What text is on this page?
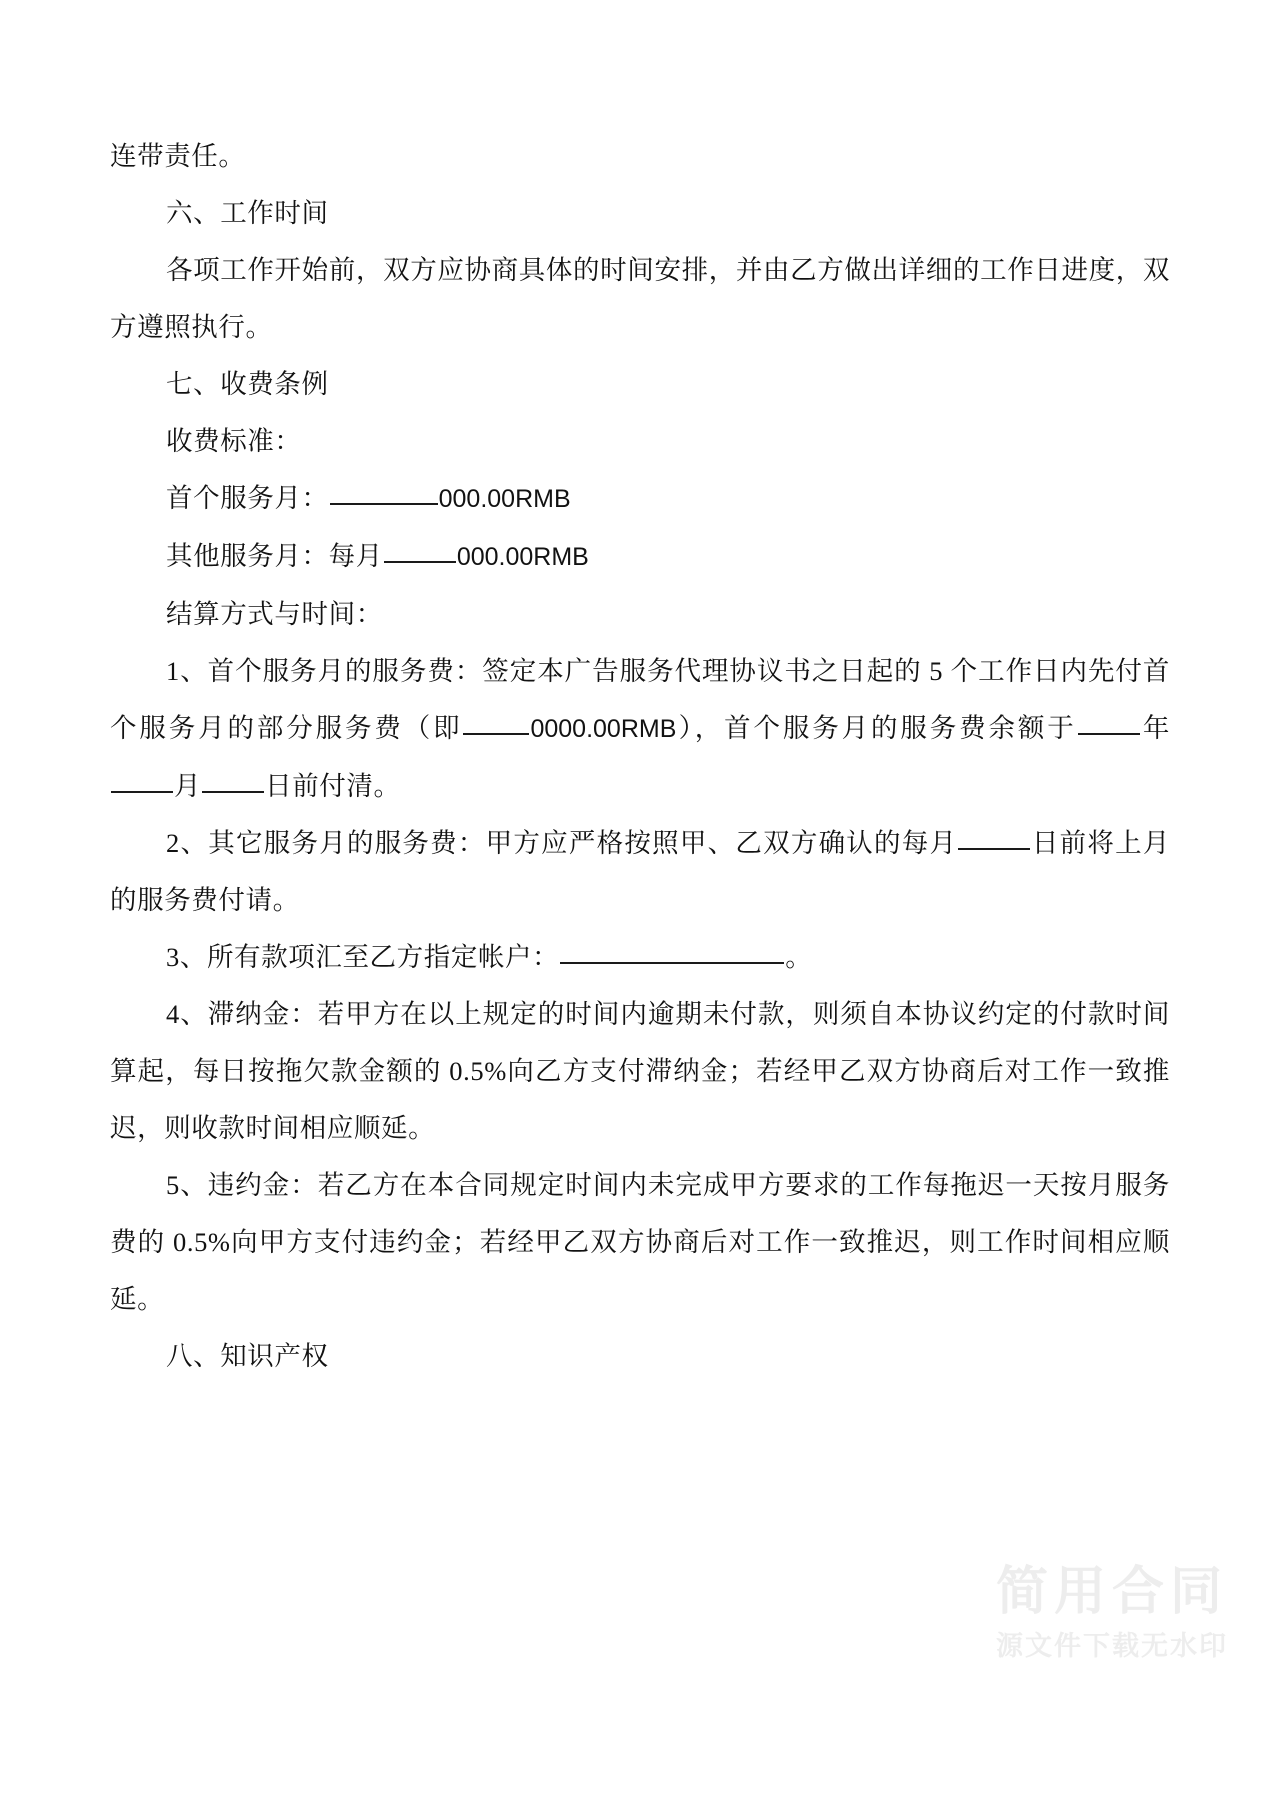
连带责任。

六、工作时间

各项工作开始前，双方应协商具体的时间安排，并由乙方做出详细的工作日进度，双方遵照执行。

七、收费条例

收费标准：

首个服务月：	000.00RMB

其他服务月：每月	000.00RMB

结算方式与时间：

1、首个服务月的服务费：签定本广告服务代理协议书之日起的 5 个工作日内先付首个服务月的部分服务费（即	0000.00RMB），首个服务月的服务费余额于 年月 日前付清。

2、其它服务月的服务费：甲方应严格按照甲、乙双方确认的每月	日前将上月的服务费付请。

3、所有款项汇至乙方指定帐户：	。

4、滞纳金：若甲方在以上规定的时间内逾期未付款，则须自本协议约定的付款时间算起，每日按拖欠款金额的 0.5%向乙方支付滞纳金；若经甲乙双方协商后对工作一致推迟，则收款时间相应顺延。

5、违约金：若乙方在本合同规定时间内未完成甲方要求的工作每拖迟一天按月服务费的 0.5%向甲方支付违约金；若经甲乙双方协商后对工作一致推迟，则工作时间相应顺延。

八、知识产权

简用合同
源文件下载无水印
